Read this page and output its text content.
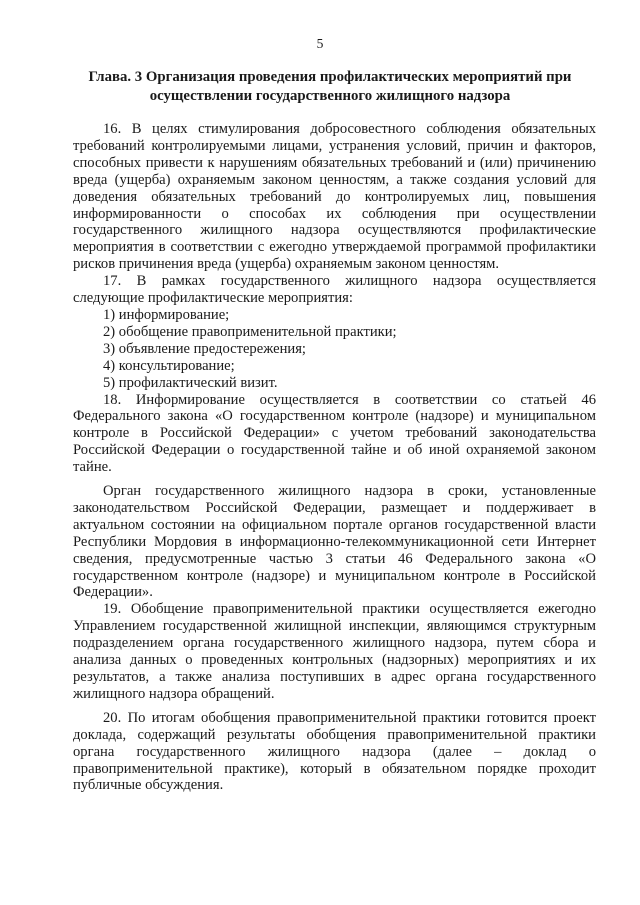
5
Глава. 3 Организация проведения профилактических мероприятий при осуществлении государственного жилищного надзора

16. В целях стимулирования добросовестного соблюдения обязательных требований контролируемыми лицами, устранения условий, причин и факторов, способных привести к нарушениям обязательных требований и (или) причинению вреда (ущерба) охраняемым законом ценностям, а также создания условий для доведения обязательных требований до контролируемых лиц, повышения информированности о способах их соблюдения при осуществлении государственного жилищного надзора осуществляются профилактические мероприятия в соответствии с ежегодно утверждаемой программой профилактики рисков причинения вреда (ущерба) охраняемым законом ценностям.

17. В рамках государственного жилищного надзора осуществляется следующие профилактические мероприятия:

1) информирование;

2) обобщение правоприменительной практики;

3) объявление предостережения;

4) консультирование;

5) профилактический визит.

18. Информирование осуществляется в соответствии со статьей 46 Федерального закона «О государственном контроле (надзоре) и муниципальном контроле в Российской Федерации» с учетом требований законодательства Российской Федерации о государственной тайне и об иной охраняемой законом тайне.

Орган государственного жилищного надзора в сроки, установленные законодательством Российской Федерации, размещает и поддерживает в актуальном состоянии на официальном портале органов государственной власти Республики Мордовия в информационно-телекоммуникационной сети Интернет сведения, предусмотренные частью 3 статьи 46 Федерального закона «О государственном контроле (надзоре) и муниципальном контроле в Российской Федерации».

19. Обобщение правоприменительной практики осуществляется ежегодно Управлением государственной жилищной инспекции, являющимся структурным подразделением органа государственного жилищного надзора, путем сбора и анализа данных о проведенных контрольных (надзорных) мероприятиях и их результатов, а также анализа поступивших в адрес органа государственного жилищного надзора обращений.

20. По итогам обобщения правоприменительной практики готовится проект доклада, содержащий результаты обобщения правоприменительной практики органа государственного жилищного надзора (далее – доклад о правоприменительной практике), который в обязательном порядке проходит публичные обсуждения.
